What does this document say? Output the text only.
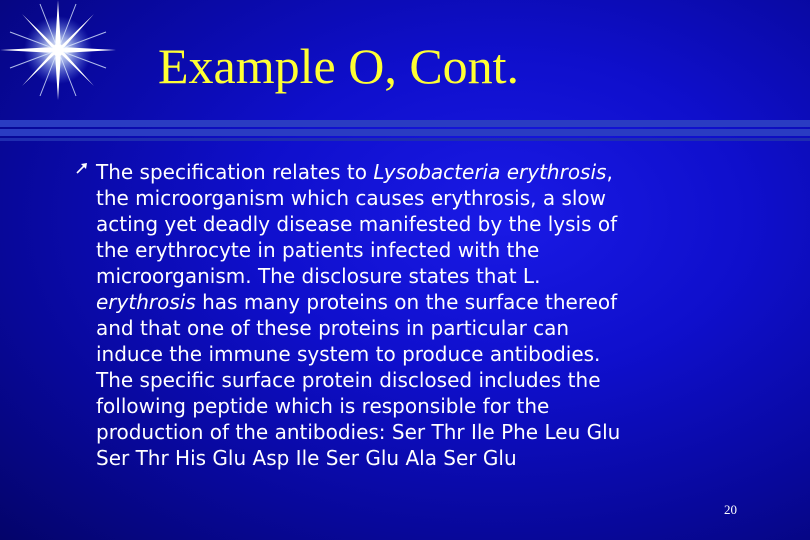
Example O, Cont.
The specification relates to Lysobacteria erythrosis,
the microorganism which causes erythrosis, a slow
acting yet deadly disease manifested by the lysis of
the erythrocyte in patients infected with the
microorganism. The disclosure states that L.
erythrosis has many proteins on the surface thereof
and that one of these proteins in particular can
induce the immune system to produce antibodies.
The specific surface protein disclosed includes the
following peptide which is responsible for the
production of the antibodies: Ser Thr Ile Phe Leu Glu
Ser Thr His Glu Asp Ile Ser Glu Ala Ser Glu
20
